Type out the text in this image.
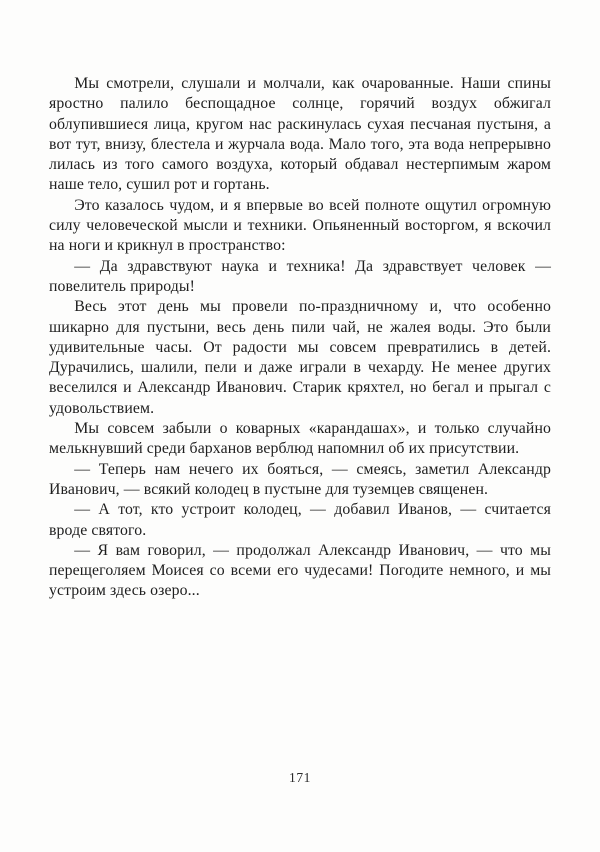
Мы смотрели, слушали и молчали, как очарованные. Наши спины яростно палило беспощадное солнце, горячий воздух обжигал облупившиеся лица, кругом нас раскинулась сухая песчаная пустыня, а вот тут, внизу, блестела и журчала вода. Мало того, эта вода непрерывно лилась из того самого воздуха, который обдавал нестерпимым жаром наше тело, сушил рот и гортань.

Это казалось чудом, и я впервые во всей полноте ощутил огромную силу человеческой мысли и техники. Опьяненный восторгом, я вскочил на ноги и крикнул в пространство:

— Да здравствуют наука и техника! Да здравствует человек — повелитель природы!

Весь этот день мы провели по-праздничному и, что особенно шикарно для пустыни, весь день пили чай, не жалея воды. Это были удивительные часы. От радости мы совсем превратились в детей. Дурачились, шалили, пели и даже играли в чехарду. Не менее других веселился и Александр Иванович. Старик кряхтел, но бегал и прыгал с удовольствием.

Мы совсем забыли о коварных «карандашах», и только случайно мелькнувший среди барханов верблюд напомнил об их присутствии.

— Теперь нам нечего их бояться, — смеясь, заметил Александр Иванович, — всякий колодец в пустыне для туземцев священен.

— А тот, кто устроит колодец, — добавил Иванов, — считается вроде святого.

— Я вам говорил, — продолжал Александр Иванович, — что мы перещеголяем Моисея со всеми его чудесами! Погодите немного, и мы устроим здесь озеро...

171
